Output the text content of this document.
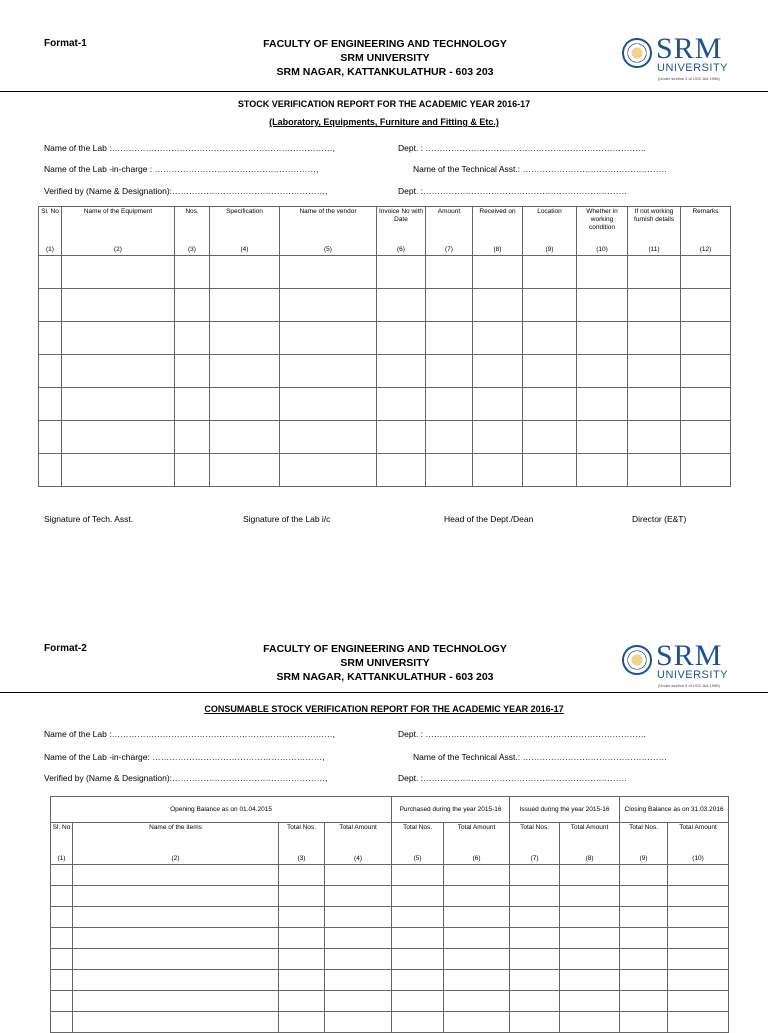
Format-1	FACULTY OF ENGINEERING AND TECHNOLOGY
SRM UNIVERSITY
SRM NAGAR, KATTANKULATHUR - 603 203
SRM
UNIVERSITY
(Under section 3 of UGC Act 1956)
STOCK VERIFICATION REPORT FOR THE ACADEMIC YEAR 2016-17
(Laboratory, Equipments, Furniture and Fitting & Etc.)
Name of the Lab :……………………………………………………………………,	Dept. : ……………………………………………………………………
Name of the Lab -in-charge : …………………………………………………,	Name of the Technical Asst.: ……………………………………………
Verified by (Name & Designation):………………………………………………,	Dept. :………………………………………………………………
Sl. No	Name of the Equipment	Nos.	Specification	Name of the vendor	Invoice No with Date	Amount	Received on	Location	Whether in working condition	If not working furnish details	Remarks
(1)	(2)	(3)	(4)	(5)	(6)	(7)	(8)	(9)	(10)	(11)	(12)

Signature of Tech. Asst.	Signature of the Lab i/c	Head of the Dept./Dean	Director (E&T)
Format-2	FACULTY OF ENGINEERING AND TECHNOLOGY
SRM UNIVERSITY
SRM NAGAR, KATTANKULATHUR - 603 203
SRM
UNIVERSITY
(Under section 3 of UGC Act 1956)
CONSUMABLE STOCK VERIFICATION REPORT FOR THE ACADEMIC YEAR 2016-17
Name of the Lab :……………………………………………………………………,	Dept. : ……………………………………………………………………
Name of the Lab -in-charge: ……………………………………………………,	Name of the Technical Asst.: ……………………………………………
Verified by (Name & Designation):………………………………………………,	Dept. :………………………………………………………………
Opening Balance as on 01.04.2015				Purchased during the year 2015-16		Issued during the year 2015-16		Closing Balance as on 31.03.2016	
Sl. No	Name of the items	Total Nos.	Total Amount	Total Nos.	Total Amount	Total Nos.	Total Amount	Total Nos.	Total Amount
(1)	(2)	(3)	(4)	(5)	(6)	(7)	(8)	(9)	(10)
